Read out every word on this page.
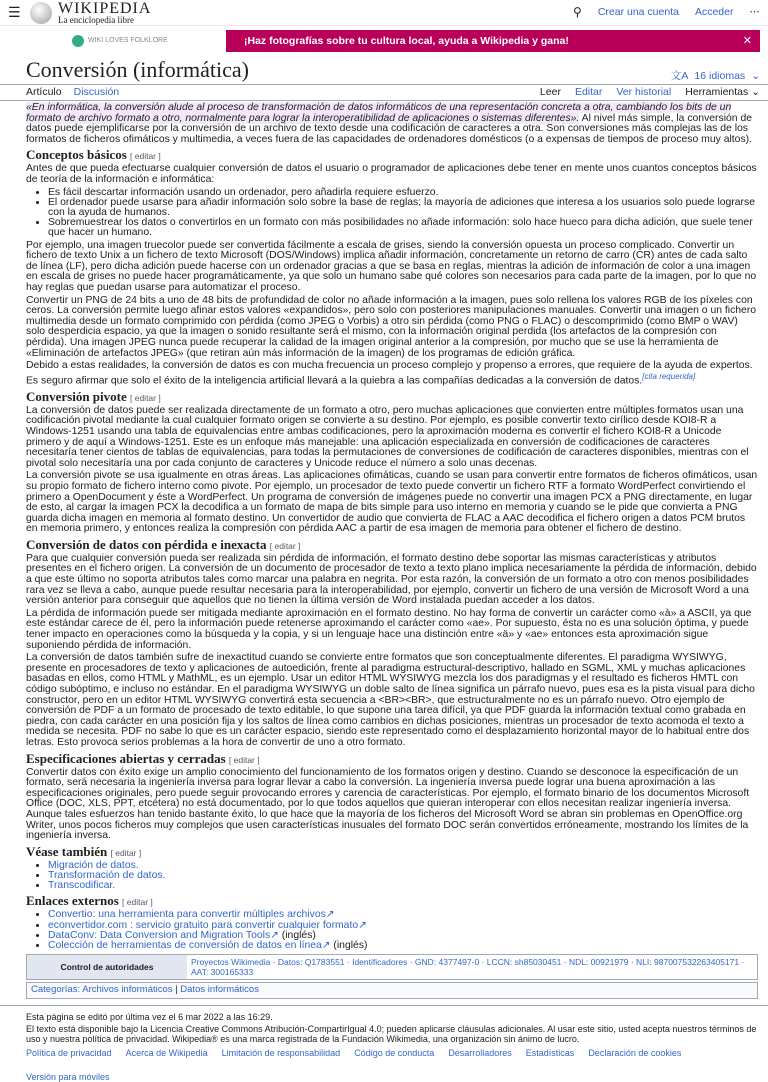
☰	WIKIPEDIA
La enciclopedia libre
⚲ Crear una cuenta Acceder ⋯
WIKI LOVES FOLKLORE	¡Haz fotografías sobre tu cultura local, ayuda a Wikipedia y gana!	✕
Conversión (informática)	文A 16 idiomas ⌄
Artículo Discusión	Leer Editar Ver historial Herramientas ⌄

«En informática, la conversión alude al proceso de transformación de datos informáticos de una representación concreta a otra, cambiando los bits de un formato de archivo formato a otro, normalmente para lograr la interoperatibilidad de aplicaciones o sistemas diferentes». Al nivel más simple, la conversión de datos puede ejemplificarse por la conversión de un archivo de texto desde una codificación de caracteres a otra. Son conversiones más complejas las de los formatos de ficheros ofimáticos y multimedia, a veces fuera de las capacidades de ordenadores domésticos (o a expensas de tiempos de proceso muy altos).

Conceptos básicos [ editar ]

Antes de que pueda efectuarse cualquier conversión de datos el usuario o programador de aplicaciones debe tener en mente unos cuantos conceptos básicos de teoría de la información e informática:

• Es fácil descartar información usando un ordenador, pero añadirla requiere esfuerzo.
• El ordenador puede usarse para añadir información solo sobre la base de reglas; la mayoría de adiciones que interesa a los usuarios solo puede lograrse con la ayuda de humanos.
• Sobremuestrear los datos o convertirlos en un formato con más posibilidades no añade información: solo hace hueco para dicha adición, que suele tener que hacer un humano.

Por ejemplo, una imagen truecolor puede ser convertida fácilmente a escala de grises, siendo la conversión opuesta un proceso complicado. Convertir un fichero de texto Unix a un fichero de texto Microsoft (DOS/Windows) implica añadir información, concretamente un retorno de carro (CR) antes de cada salto de línea (LF), pero dicha adición puede hacerse con un ordenador gracias a que se basa en reglas, mientras la adición de información de color a una imagen en escala de grises no puede hacer programáticamente, ya que solo un humano sabe qué colores son necesarios para cada parte de la imagen, por lo que no hay reglas que puedan usarse para automatizar el proceso.

Convertir un PNG de 24 bits a uno de 48 bits de profundidad de color no añade información a la imagen, pues solo rellena los valores RGB de los píxeles con ceros. La conversión permite luego afinar estos valores «expandidos», pero solo con posteriores manipulaciones manuales. Convertir una imagen o un fichero multimedia desde un formato comprimido con pérdida (como JPEG o Vorbis) a otro sin pérdida (como PNG o FLAC) o descomprimido (como BMP o WAV) solo desperdicia espacio, ya que la imagen o sonido resultante será el mismo, con la información original perdida (los artefactos de la compresión con pérdida). Una imagen JPEG nunca puede recuperar la calidad de la imagen original anterior a la compresión, por mucho que se use la herramienta de «Eliminación de artefactos JPEG» (que retiran aún más información de la imagen) de los programas de edición gráfica.

Debido a estas realidades, la conversión de datos es con mucha frecuencia un proceso complejo y propenso a errores, que requiere de la ayuda de expertos. Es seguro afirmar que solo el éxito de la inteligencia artificial llevará a la quiebra a las compañías dedicadas a la conversión de datos.[cita requerida]

Conversión pivote [ editar ]

La conversión de datos puede ser realizada directamente de un formato a otro, pero muchas aplicaciones que convierten entre múltiples formatos usan una codificación pivotal mediante la cual cualquier formato origen se convierte a su destino. Por ejemplo, es posible convertir texto cirílico desde KOI8-R a Windows-1251 usando una tabla de equivalencias entre ambas codificaciones, pero la aproximación moderna es convertir el fichero KOI8-R a Unicode primero y de aquí a Windows-1251. Este es un enfoque más manejable: una aplicación especializada en conversión de codificaciones de caracteres necesitaría tener cientos de tablas de equivalencias, para todas la permutaciones de conversiones de codificación de caracteres disponibles, mientras con el pivotal solo necesitaría una por cada conjunto de caracteres y Unicode reduce el número a solo unas decenas.

La conversión pivote se usa igualmente en otras áreas. Las aplicaciones ofimáticas, cuando se usan para convertir entre formatos de ficheros ofimáticos, usan su propio formato de fichero interno como pivote. Por ejemplo, un procesador de texto puede convertir un fichero RTF a formato WordPerfect convirtiendo el primero a OpenDocument y éste a WordPerfect. Un programa de conversión de imágenes puede no convertir una imagen PCX a PNG directamente, en lugar de esto, al cargar la imagen PCX la decodifica a un formato de mapa de bits simple para uso interno en memoria y cuando se le pide que convierta a PNG guarda dicha imagen en memoria al formato destino. Un convertidor de audio que convierta de FLAC a AAC decodifica el fichero origen a datos PCM brutos en memoria primero, y entonces realiza la compresión con pérdida AAC a partir de esa imagen de memoria para obtener el fichero de destino.

Conversión de datos con pérdida e inexacta [ editar ]

Para que cualquier conversión pueda ser realizada sin pérdida de información, el formato destino debe soportar las mismas características y atributos presentes en el fichero origen. La conversión de un documento de procesador de texto a texto plano implica necesariamente la pérdida de información, debido a que este último no soporta atributos tales como marcar una palabra en negrita. Por esta razón, la conversión de un formato a otro con menos posibilidades rara vez se lleva a cabo, aunque puede resultar necesaria para la interoperabilidad, por ejemplo, convertir un fichero de una versión de Microsoft Word a una versión anterior para conseguir que aquellos que no tienen la última versión de Word instalada puedan acceder a los datos.

La pérdida de información puede ser mitigada mediante aproximación en el formato destino. No hay forma de convertir un carácter como «à» a ASCII, ya que este estándar carece de él, pero la información puede retenerse aproximando el carácter como «ae». Por supuesto, ésta no es una solución óptima, y puede tener impacto en operaciones como la búsqueda y la copia, y si un lenguaje hace una distinción entre «ä» y «ae» entonces esta aproximación sigue suponiendo pérdida de información.

La conversión de datos también sufre de inexactitud cuando se convierte entre formatos que son conceptualmente diferentes. El paradigma WYSIWYG, presente en procesadores de texto y aplicaciones de autoedición, frente al paradigma estructural-descriptivo, hallado en SGML, XML y muchas aplicaciones basadas en ellos, como HTML y MathML, es un ejemplo. Usar un editor HTML WYSIWYG mezcla los dos paradigmas y el resultado es ficheros HMTL con código subóptimo, e incluso no estándar. En el paradigma WYSIWYG un doble salto de línea significa un párrafo nuevo, pues esa es la pista visual para dicho constructor, pero en un editor HTML WYSIWYG convertirá esta secuencia a <BR><BR>, que estructuralmente no es un párrafo nuevo. Otro ejemplo de conversión de PDF a un formato de procesado de texto editable, lo que supone una tarea difícil, ya que PDF guarda la información textual como grabada en piedra, con cada carácter en una posición fija y los saltos de línea como cambios en dichas posiciones, mientras un procesador de texto acomoda el texto a medida se necesita. PDF no sabe lo que es un carácter espacio, siendo este representado como el desplazamiento horizontal mayor de lo habitual entre dos letras. Esto provoca serios problemas a la hora de convertir de uno a otro formato.

Especificaciones abiertas y cerradas [ editar ]

Convertir datos con éxito exige un amplio conocimiento del funcionamiento de los formatos origen y destino. Cuando se desconoce la especificación de un formato, será necesaria la ingeniería inversa para lograr llevar a cabo la conversión. La ingeniería inversa puede lograr una buena aproximación a las especificaciones originales, pero puede seguir provocando errores y carencia de características. Por ejemplo, el formato binario de los documentos Microsoft Office (DOC, XLS, PPT, etcétera) no está documentado, por lo que todos aquellos que quieran interoperar con ellos necesitan realizar ingeniería inversa. Aunque tales esfuerzos han tenido bastante éxito, lo que hace que la mayoría de los ficheros del Microsoft Word se abran sin problemas en OpenOffice.org Writer, unos pocos ficheros muy complejos que usen características inusuales del formato DOC serán convertidos erróneamente, mostrando los límites de la ingeniería inversa.

Véase también [ editar ]
• Migración de datos.
• Transformación de datos.
• Transcodificar.
Enlaces externos [ editar ]
• Convertio: una herramienta para convertir múltiples archivos↗
• econvertidor.com : servicio gratuito para convertir cualquier formato↗
• DataConv: Data Conversion and Migration Tools↗ (inglés)
• Colección de herramientas de conversión de datos en línea↗ (inglés)
Control de autoridades	Proyectos Wikimedia · Datos: Q1783551 · Identificadores · GND: 4377497-0 · LCCN: sh85030451 · NDL: 00921979 · NLI: 987007532263405171 · AAT: 300165333
Categorías: Archivos informáticos | Datos informáticos

Esta página se editó por última vez el 6 mar 2022 a las 16:29.

El texto está disponible bajo la Licencia Creative Commons Atribución-CompartirIgual 4.0; pueden aplicarse cláusulas adicionales. Al usar este sitio, usted acepta nuestros términos de uso y nuestra política de privacidad. Wikipedia® es una marca registrada de la Fundación Wikimedia, una organización sin ánimo de lucro.

Política de privacidad Acerca de Wikipedia Limitación de responsabilidad Código de conducta Desarrolladores Estadísticas Declaración de cookies
Versión para móviles
